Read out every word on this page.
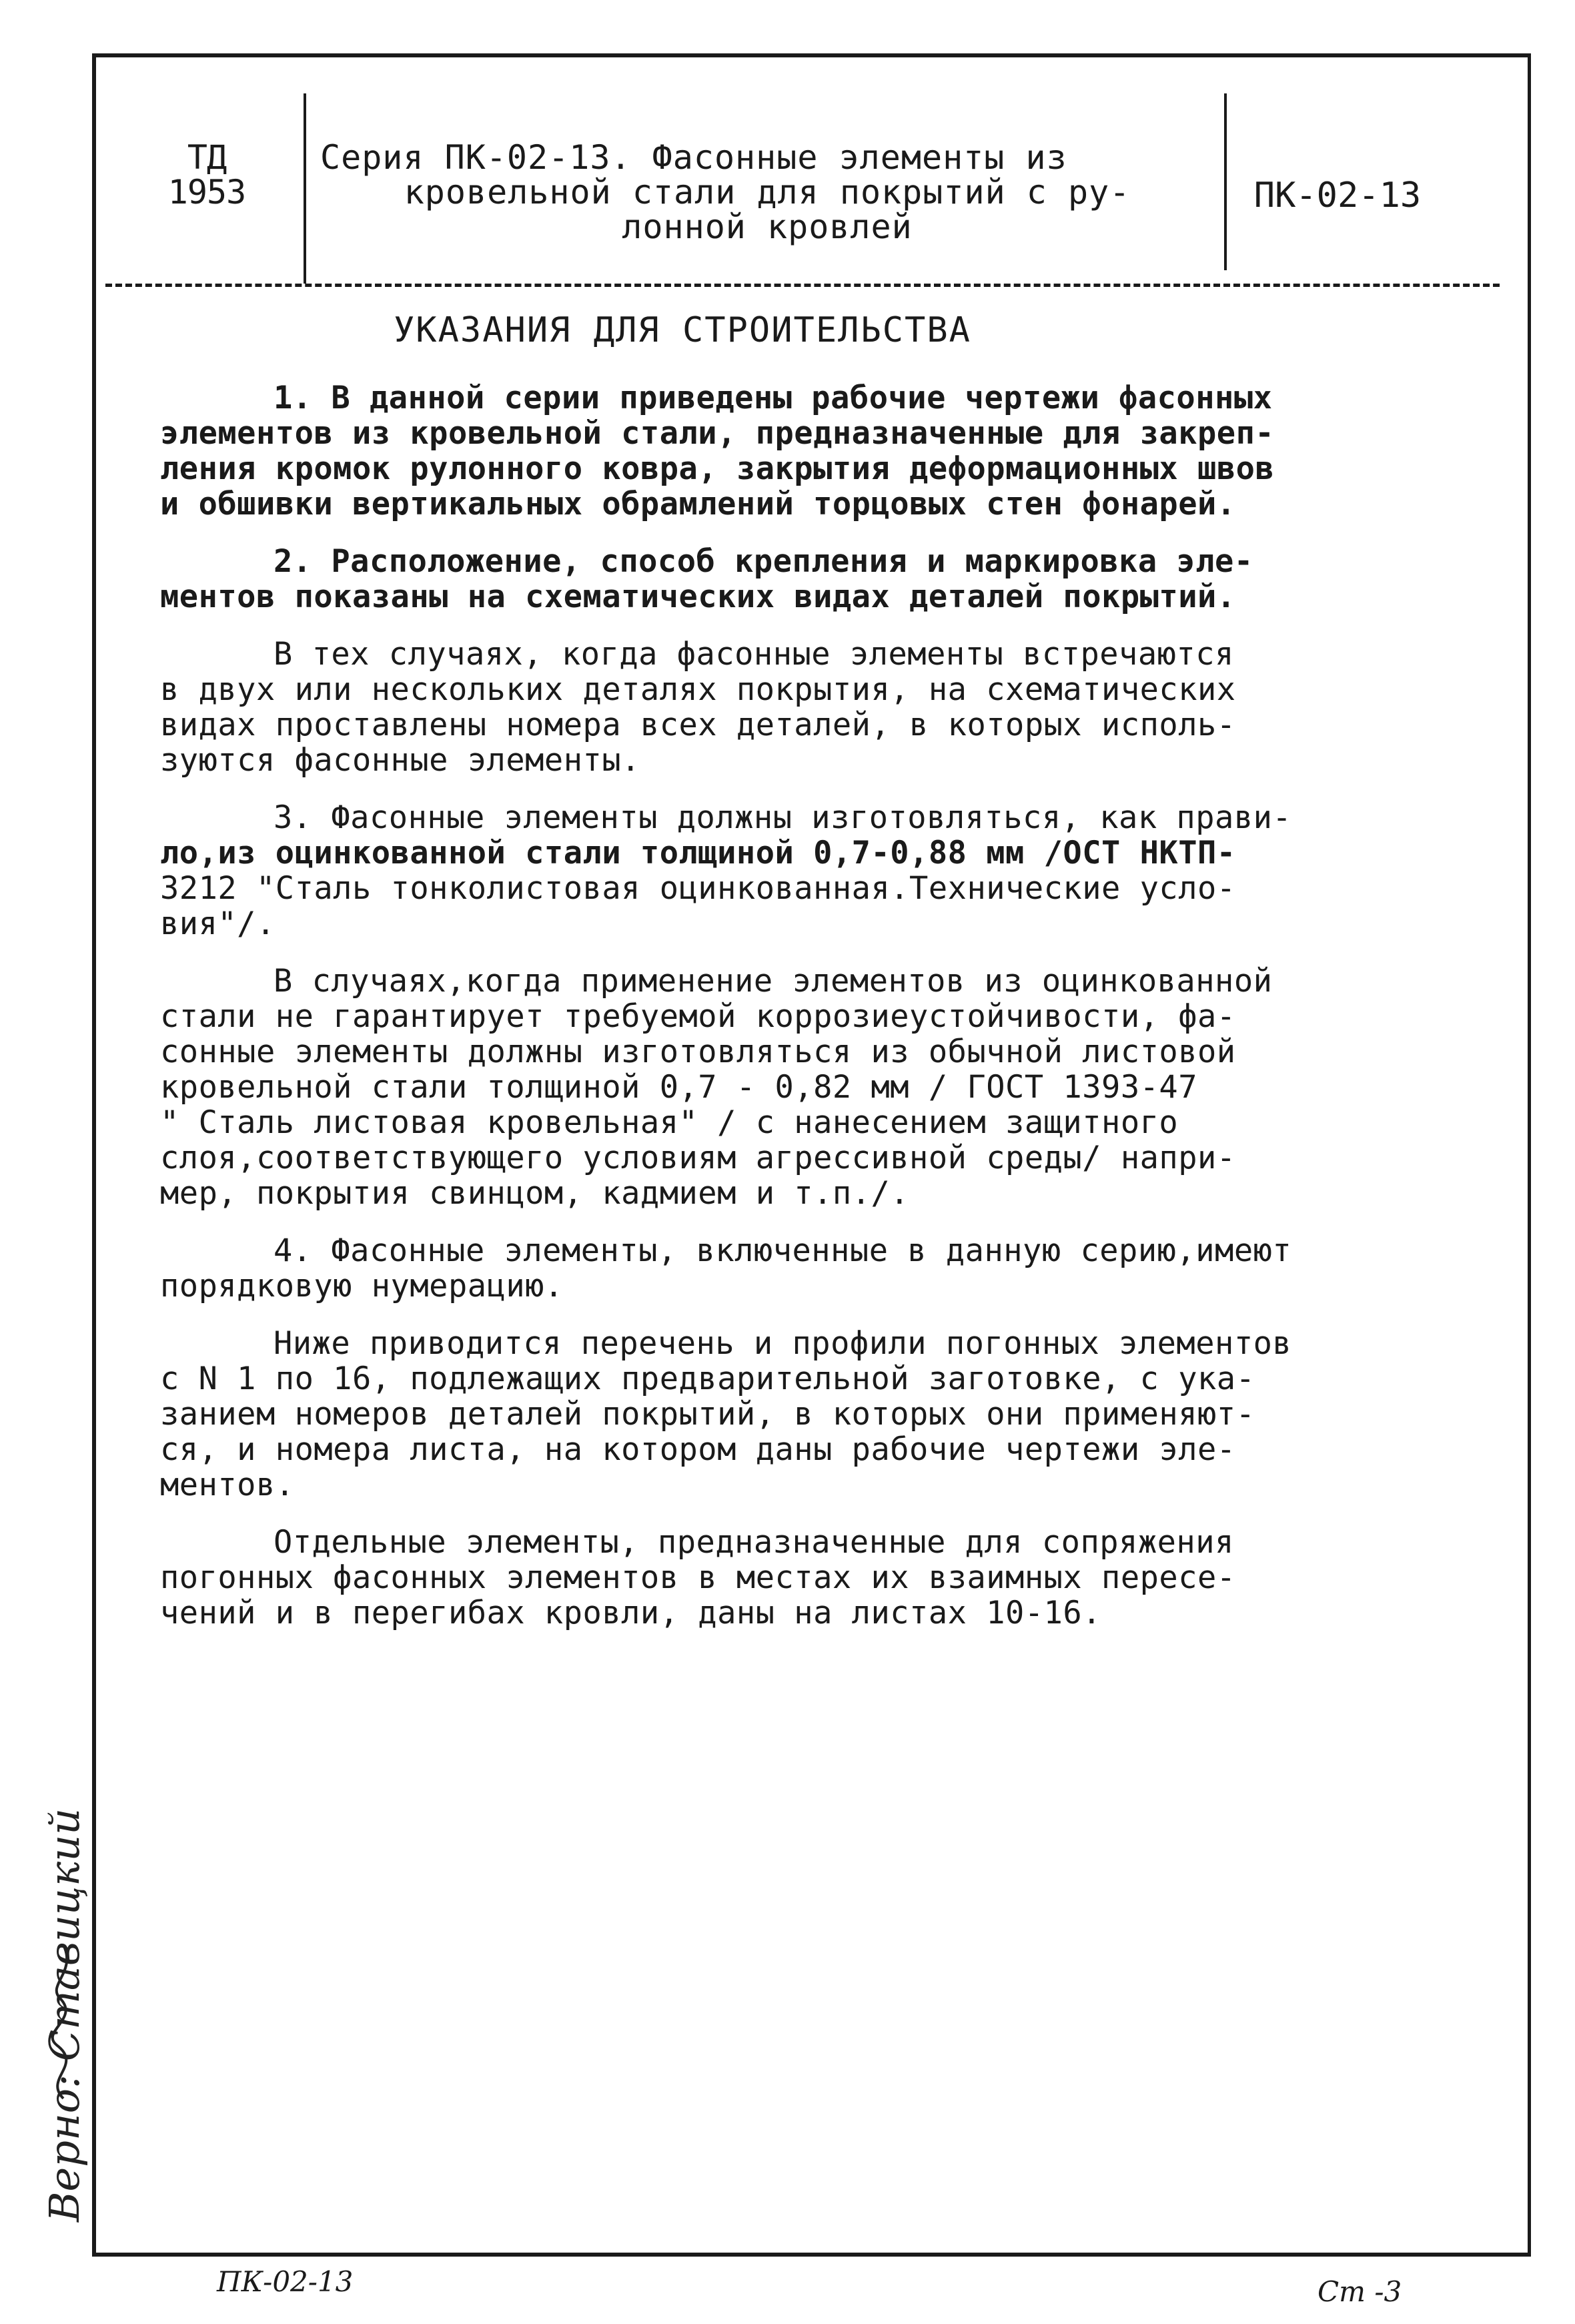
ТД
1953
Серия ПК-02-13. Фасонные элементы из
кровельной стали для покрытий с ру-
лонной кровлей
ПК-02-13
УКАЗАНИЯ ДЛЯ СТРОИТЕЛЬСТВА

1. В данной серии приведены рабочие чертежи фасонных
элементов из кровельной стали, предназначенные для закреп-
ления кромок рулонного ковра, закрытия деформационных швов
и обшивки вертикальных обрамлений торцовых стен фонарей.

2. Расположение, способ крепления и маркировка эле-
ментов показаны на схематических видах деталей покрытий.

В тех случаях, когда фасонные элементы встречаются
в двух или нескольких деталях покрытия, на схематических
видах проставлены номера всех деталей, в которых исполь-
зуются фасонные элементы.

3. Фасонные элементы должны изготовляться, как прави-
ло,из оцинкованной стали толщиной 0,7-0,88 мм /ОСТ НКТП-
3212 "Сталь тонколистовая оцинкованная.Технические усло-
вия"/.

В случаях,когда применение элементов из оцинкованной
стали не гарантирует требуемой коррозиеустойчивости, фа-
сонные элементы должны изготовляться из обычной листовой
кровельной стали толщиной 0,7 - 0,82 мм / ГОСТ 1393-47
" Сталь листовая кровельная" / с нанесением защитного
слоя,соответствующего условиям агрессивной среды/ напри-
мер, покрытия свинцом, кадмием и т.п./.

4. Фасонные элементы, включенные в данную серию,имеют
порядковую нумерацию.

Ниже приводится перечень и профили погонных элементов
с N 1 по 16, подлежащих предварительной заготовке, с ука-
занием номеров деталей покрытий, в которых они применяют-
ся, и номера листа, на котором даны рабочие чертежи эле-
ментов.

Отдельные элементы, предназначенные для сопряжения
погонных фасонных элементов в местах их взаимных пересе-
чений и в перегибах кровли, даны на листах 10-16.

Верно: Ставицкий
ПК-02-13	Ст -3
